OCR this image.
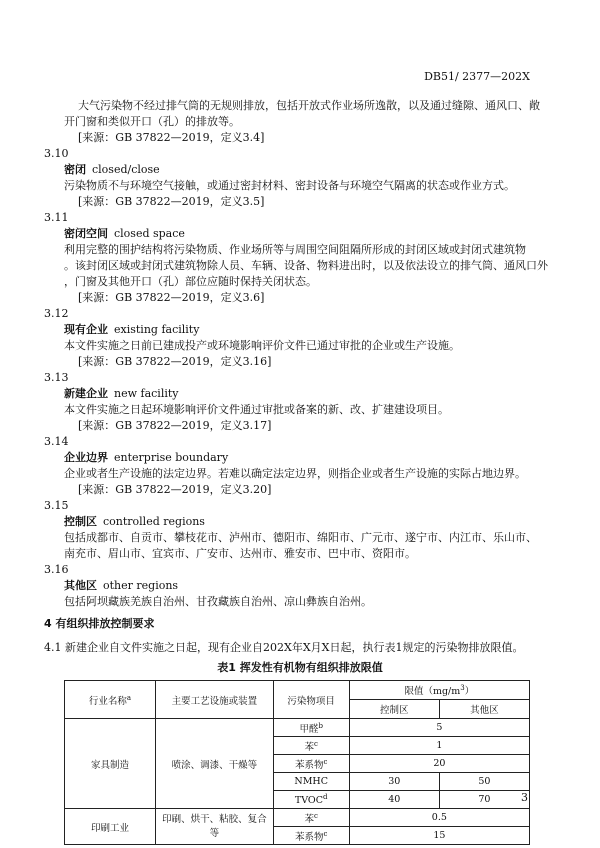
DB51/ 2377—202X
大气污染物不经过排气筒的无规则排放，包括开放式作业场所逸散，以及通过缝隙、通风口、敞
开门窗和类似开口（孔）的排放等。
[来源：GB 37822—2019，定义3.4]
3.10
密闭 closed/close
污染物质不与环境空气接触，或通过密封材料、密封设备与环境空气隔离的状态或作业方式。
[来源：GB 37822—2019，定义3.5]
3.11
密闭空间 closed space
利用完整的围护结构将污染物质、作业场所等与周围空间阻隔所形成的封闭区域或封闭式建筑物
。该封闭区域或封闭式建筑物除人员、车辆、设备、物料进出时，以及依法设立的排气筒、通风口外
，门窗及其他开口（孔）部位应随时保持关闭状态。
[来源：GB 37822—2019，定义3.6]
3.12
现有企业 existing facility
本文件实施之日前已建成投产或环境影响评价文件已通过审批的企业或生产设施。
[来源：GB 37822—2019，定义3.16]
3.13
新建企业 new facility
本文件实施之日起环境影响评价文件通过审批或备案的新、改、扩建建设项目。
[来源：GB 37822—2019，定义3.17]
3.14
企业边界 enterprise boundary
企业或者生产设施的法定边界。若难以确定法定边界，则指企业或者生产设施的实际占地边界。
[来源：GB 37822—2019，定义3.20]
3.15
控制区 controlled regions
包括成都市、自贡市、攀枝花市、泸州市、德阳市、绵阳市、广元市、遂宁市、内江市、乐山市、
南充市、眉山市、宜宾市、广安市、达州市、雅安市、巴中市、资阳市。
3.16
其他区 other regions
包括阿坝藏族羌族自治州、甘孜藏族自治州、凉山彝族自治州。
4 有组织排放控制要求
4.1 新建企业自文件实施之日起，现有企业自202X年X月X日起，执行表1规定的污染物排放限值。
表1 挥发性有机物有组织排放限值
行业名称$^a$	主要工艺设施或装置	污染物项目	限值$(mg/m^3)$	
			控制区	其他区
家具制造	喷涂、调漆、干燥等	甲醛$^b$	5	
		苯$^c$	1	
		苯系物$^c$	20	
		NMHC	30	50
		TVOC$^d$	40	70
印刷工业	印刷、烘干、粘胶、复合等	苯$^c$	0.5	
		苯系物$^c$	15	
3
